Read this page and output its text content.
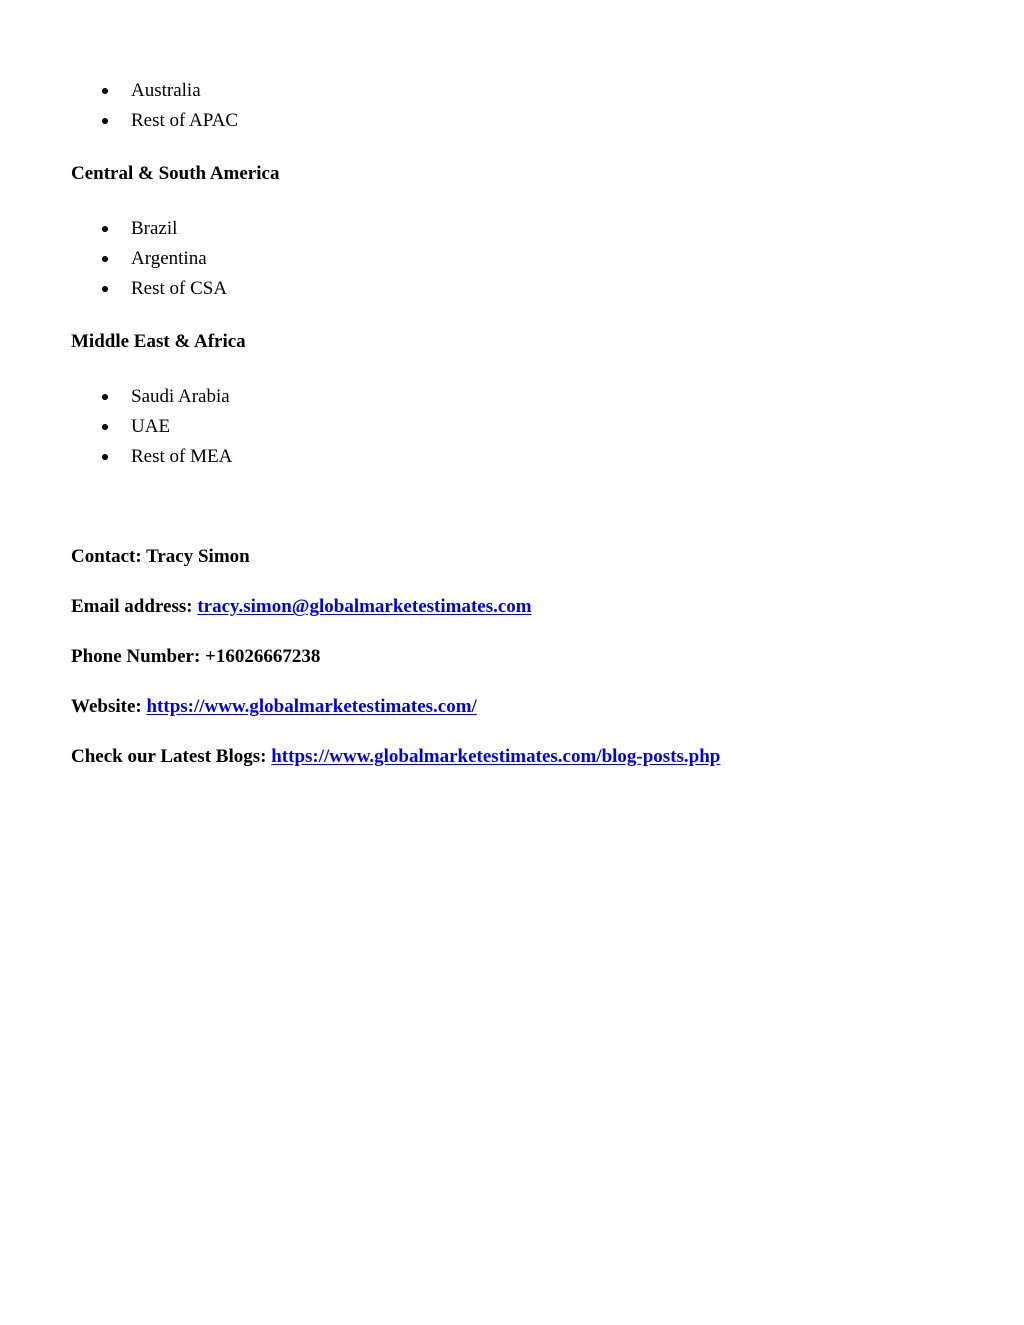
Australia
Rest of APAC
Central & South America
Brazil
Argentina
Rest of CSA
Middle East & Africa
Saudi Arabia
UAE
Rest of MEA
Contact: Tracy Simon
Email address: tracy.simon@globalmarketestimates.com
Phone Number: +16026667238
Website: https://www.globalmarketestimates.com/
Check our Latest Blogs: https://www.globalmarketestimates.com/blog-posts.php
